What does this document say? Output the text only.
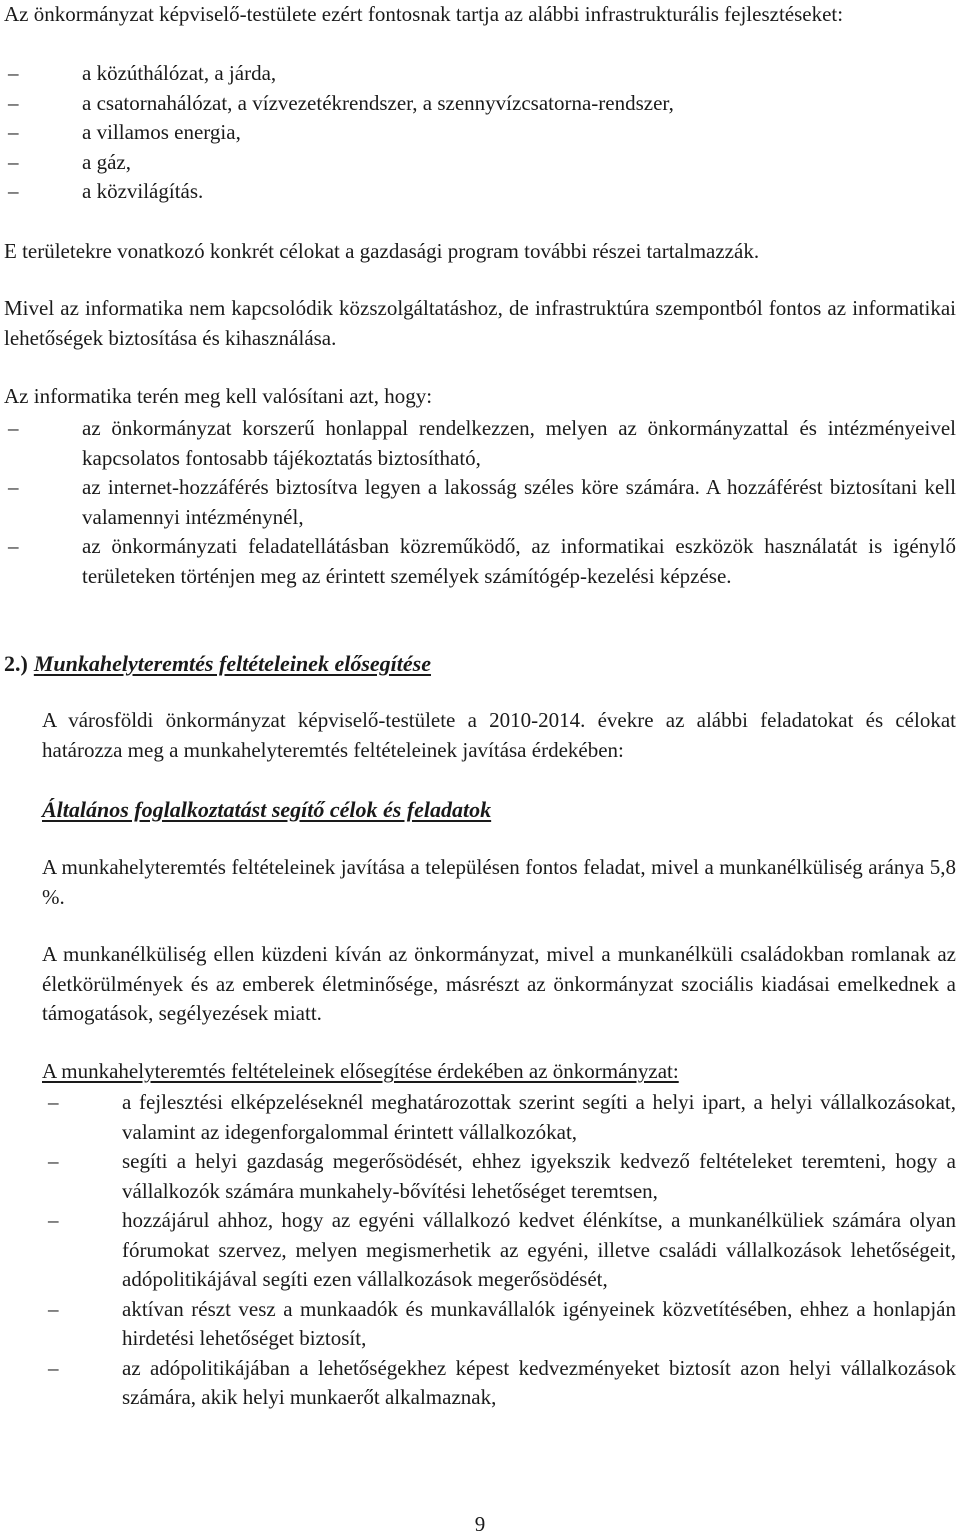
Az önkormányzat képviselő-testülete ezért fontosnak tartja az alábbi infrastrukturális fejlesztéseket:

–	a közúthálózat, a járda,
–	a csatornahálózat, a vízvezetékrendszer, a szennyvízcsatorna-rendszer,
–	a villamos energia,
–	a gáz,
–	a közvilágítás.

E területekre vonatkozó konkrét célokat a gazdasági program további részei tartalmazzák.

Mivel az informatika nem kapcsolódik közszolgáltatáshoz, de infrastruktúra szempontból fontos az informatikai lehetőségek biztosítása és kihasználása.

Az informatika terén meg kell valósítani azt, hogy:

–	az önkormányzat korszerű honlappal rendelkezzen, melyen az önkormányzattal és intézményeivel kapcsolatos fontosabb tájékoztatás biztosítható,
–	az internet-hozzáférés biztosítva legyen a lakosság széles köre számára. A hozzáférést biztosítani kell valamennyi intézménynél,
–	az önkormányzati feladatellátásban közreműködő, az informatikai eszközök használatát is igénylő területeken történjen meg az érintett személyek számítógép-kezelési képzése.

2.) Munkahelyteremtés feltételeinek elősegítése

A városföldi önkormányzat képviselő-testülete a 2010-2014. évekre az alábbi feladatokat és célokat határozza meg a munkahelyteremtés feltételeinek javítása érdekében:

Általános foglalkoztatást segítő célok és feladatok

A munkahelyteremtés feltételeinek javítása a településen fontos feladat, mivel a munkanélküliség aránya 5,8 %.

A munkanélküliség ellen küzdeni kíván az önkormányzat, mivel a munkanélküli családokban romlanak az életkörülmények és az emberek életminősége, másrészt az önkormányzat szociális kiadásai emelkednek a támogatások, segélyezések miatt.

A munkahelyteremtés feltételeinek elősegítése érdekében az önkormányzat:

–	a fejlesztési elképzeléseknél meghatározottak szerint segíti a helyi ipart, a helyi vállalkozásokat, valamint az idegenforgalommal érintett vállalkozókat,
–	segíti a helyi gazdaság megerősödését, ehhez igyekszik kedvező feltételeket teremteni, hogy a vállalkozók számára munkahely-bővítési lehetőséget teremtsen,
–	hozzájárul ahhoz, hogy az egyéni vállalkozó kedvet élénkítse, a munkanélküliek számára olyan fórumokat szervez, melyen megismerhetik az egyéni, illetve családi vállalkozások lehetőségeit, adópolitikájával segíti ezen vállalkozások megerősödését,
–	aktívan részt vesz a munkaadók és munkavállalók igényeinek közvetítésében, ehhez a honlapján hirdetési lehetőséget biztosít,
–	az adópolitikájában a lehetőségekhez képest kedvezményeket biztosít azon helyi vállalkozások számára, akik helyi munkaerőt alkalmaznak,
9
